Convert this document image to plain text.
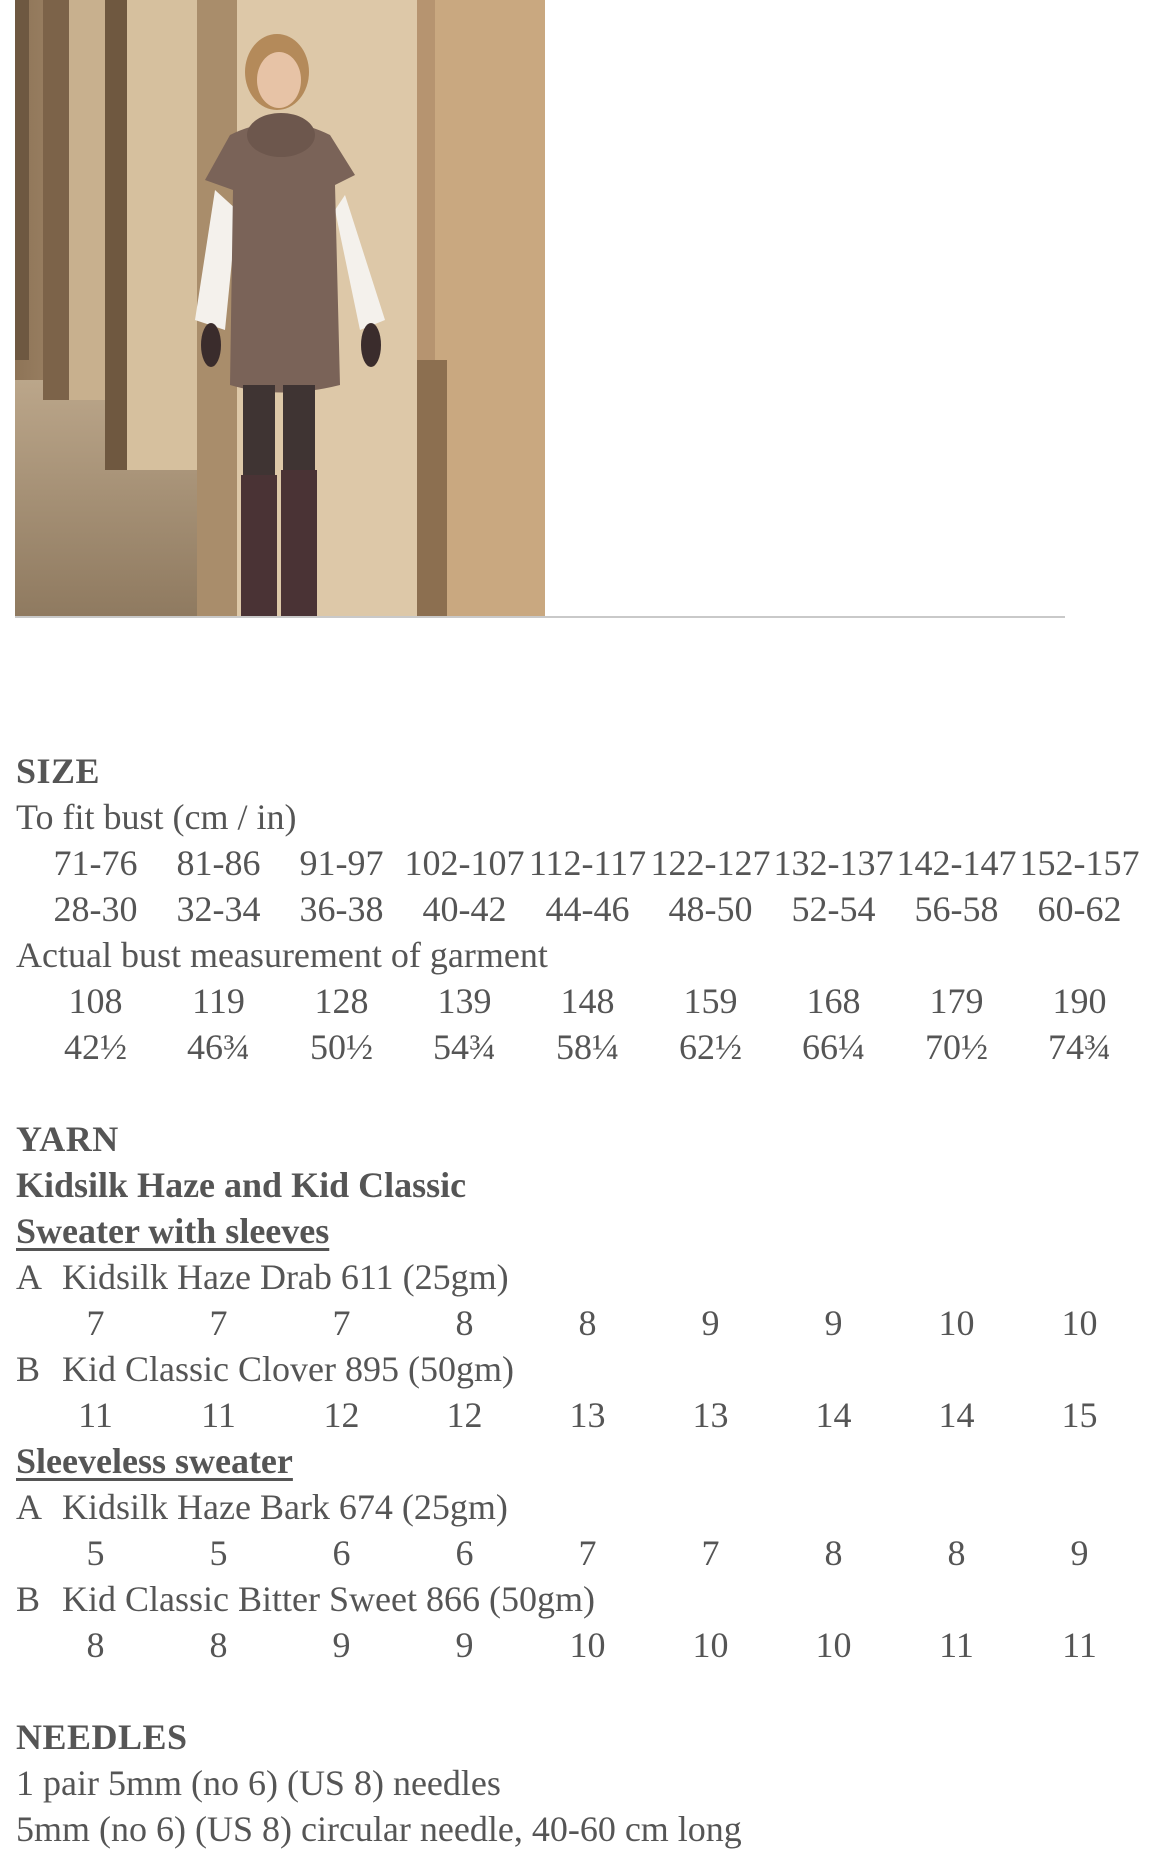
SIZE
To fit bust (cm / in)
71-76	81-86	91-97 102-107 112-117 122-127 132-137 142-147 152-157
28-30	32-34	36-38	40-42	44-46	48-50	52-54	56-58	60-62
Actual bust measurement of garment
108	119	128	139	148	159	168	179	190
42½	46¾	50½	54¾	58¼	62½	66¼	70½	74¾
YARN
Kidsilk Haze and Kid Classic
Sweater with sleeves
A Kidsilk Haze Drab 611 (25gm)
7	7	7	8	8	9	9	10	10
B Kid Classic Clover 895 (50gm)
11	11	12	12	13	13	14	14	15
Sleeveless sweater
A Kidsilk Haze Bark 674 (25gm)
5	5	6	6	7	7	8	8	9
B Kid Classic Bitter Sweet 866 (50gm)
8	8	9	9	10	10	10	11	11
NEEDLES
1 pair 5mm (no 6) (US 8) needles
5mm (no 6) (US 8) circular needle, 40-60 cm long
